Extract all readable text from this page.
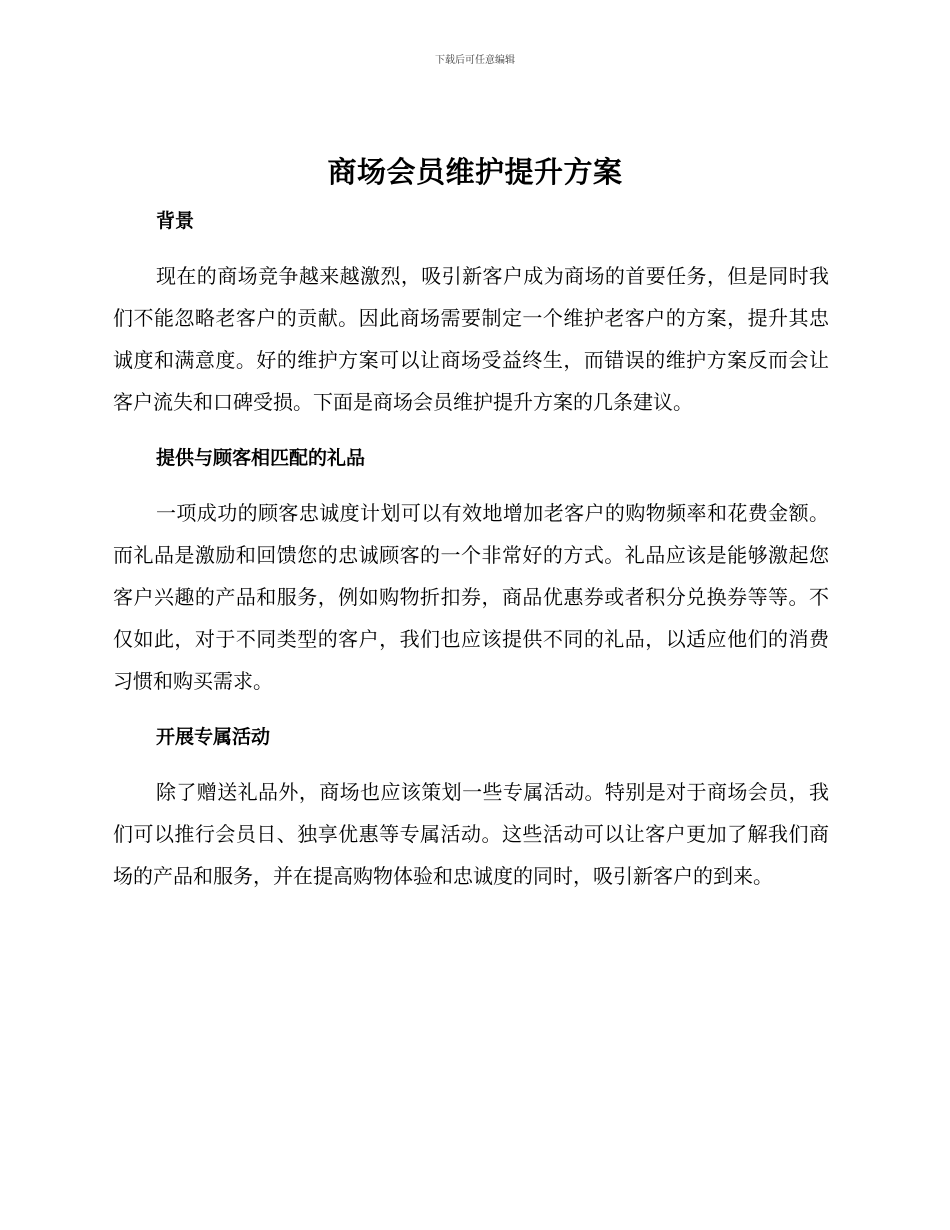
下载后可任意编辑
商场会员维护提升方案
背景

现在的商场竞争越来越激烈，吸引新客户成为商场的首要任务，但是同时我们不能忽略老客户的贡献。因此商场需要制定一个维护老客户的方案，提升其忠诚度和满意度。好的维护方案可以让商场受益终生，而错误的维护方案反而会让客户流失和口碑受损。下面是商场会员维护提升方案的几条建议。

提供与顾客相匹配的礼品

一项成功的顾客忠诚度计划可以有效地增加老客户的购物频率和花费金额。而礼品是激励和回馈您的忠诚顾客的一个非常好的方式。礼品应该是能够激起您客户兴趣的产品和服务，例如购物折扣券，商品优惠券或者积分兑换券等等。不仅如此，对于不同类型的客户，我们也应该提供不同的礼品，以适应他们的消费习惯和购买需求。

开展专属活动

除了赠送礼品外，商场也应该策划一些专属活动。特别是对于商场会员，我们可以推行会员日、独享优惠等专属活动。这些活动可以让客户更加了解我们商场的产品和服务，并在提高购物体验和忠诚度的同时，吸引新客户的到来。
